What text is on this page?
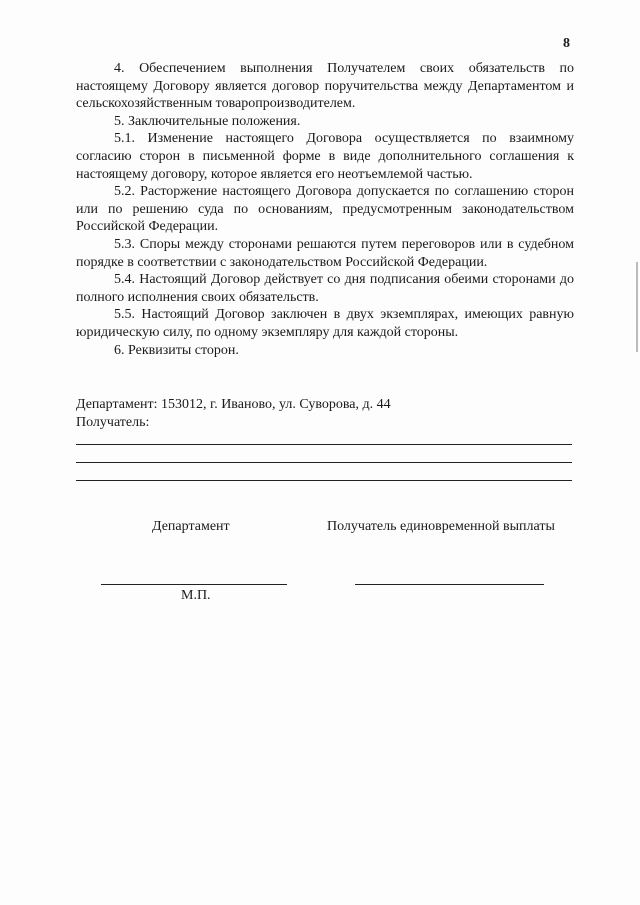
8

4. Обеспечением выполнения Получателем своих обязательств по настоящему Договору является договор поручительства между Департаментом и сельскохозяйственным товаропроизводителем.

5. Заключительные положения.

5.1. Изменение настоящего Договора осуществляется по взаимному согласию сторон в письменной форме в виде дополнительного соглашения к настоящему договору, которое является его неотъемлемой частью.

5.2. Расторжение настоящего Договора допускается по соглашению сторон или по решению суда по основаниям, предусмотренным законодательством Российской Федерации.

5.3. Споры между сторонами решаются путем переговоров или в судебном порядке в соответствии с законодательством Российской Федерации.

5.4. Настоящий Договор действует со дня подписания обеими сторонами до полного исполнения своих обязательств.

5.5. Настоящий Договор заключен в двух экземплярах, имеющих равную юридическую силу, по одному экземпляру для каждой стороны.

6. Реквизиты сторон.

Департамент: 153012, г. Иваново, ул. Суворова, д. 44
Получатель:
Департамент	Получатель единовременной выплаты
М.П.
